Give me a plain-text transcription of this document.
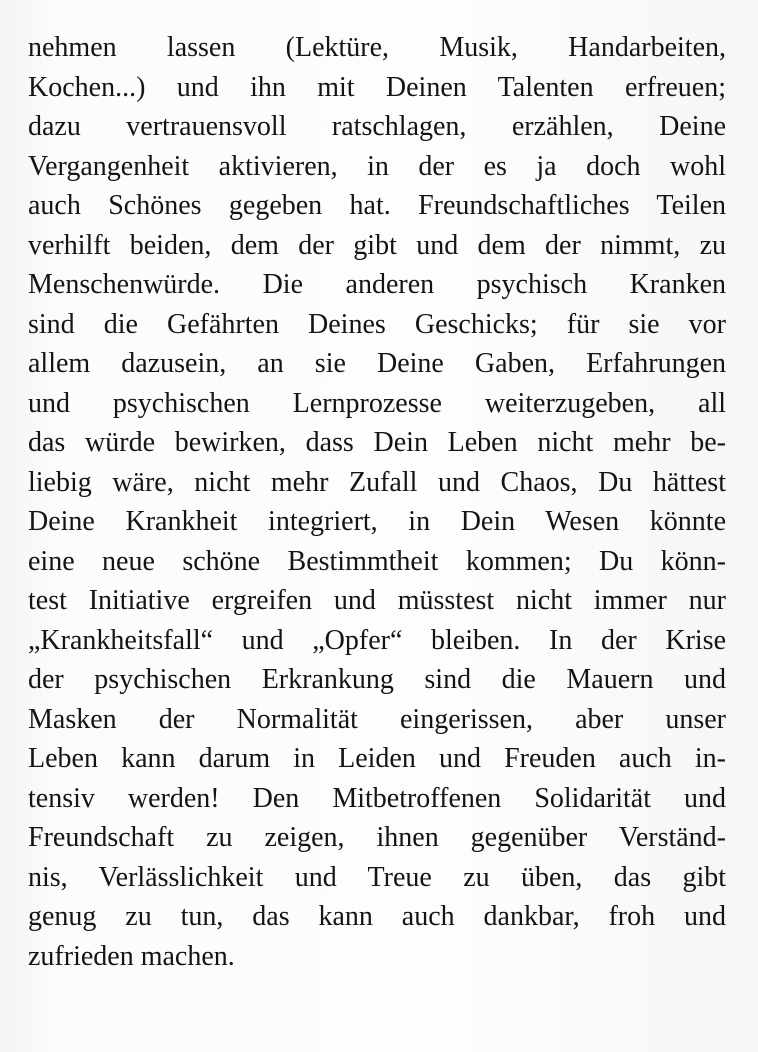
nehmen lassen (Lektüre, Musik, Handarbeiten,
Kochen...) und ihn mit Deinen Talenten erfreuen;
dazu vertrauensvoll ratschlagen, erzählen, Deine
Vergangenheit aktivieren, in der es ja doch wohl
auch Schönes gegeben hat. Freundschaftliches Teilen
verhilft beiden, dem der gibt und dem der nimmt, zu
Menschenwürde. Die anderen psychisch Kranken
sind die Gefährten Deines Geschicks; für sie vor
allem dazusein, an sie Deine Gaben, Erfahrungen
und psychischen Lernprozesse weiterzugeben, all
das würde bewirken, dass Dein Leben nicht mehr be-
liebig wäre, nicht mehr Zufall und Chaos, Du hättest
Deine Krankheit integriert, in Dein Wesen könnte
eine neue schöne Bestimmtheit kommen; Du könn-
test Initiative ergreifen und müsstest nicht immer nur
„Krankheitsfall“ und „Opfer“ bleiben. In der Krise
der psychischen Erkrankung sind die Mauern und
Masken der Normalität eingerissen, aber unser
Leben kann darum in Leiden und Freuden auch in-
tensiv werden! Den Mitbetroffenen Solidarität und
Freundschaft zu zeigen, ihnen gegenüber Verständ-
nis, Verlässlichkeit und Treue zu üben, das gibt
genug zu tun, das kann auch dankbar, froh und
zufrieden machen.
